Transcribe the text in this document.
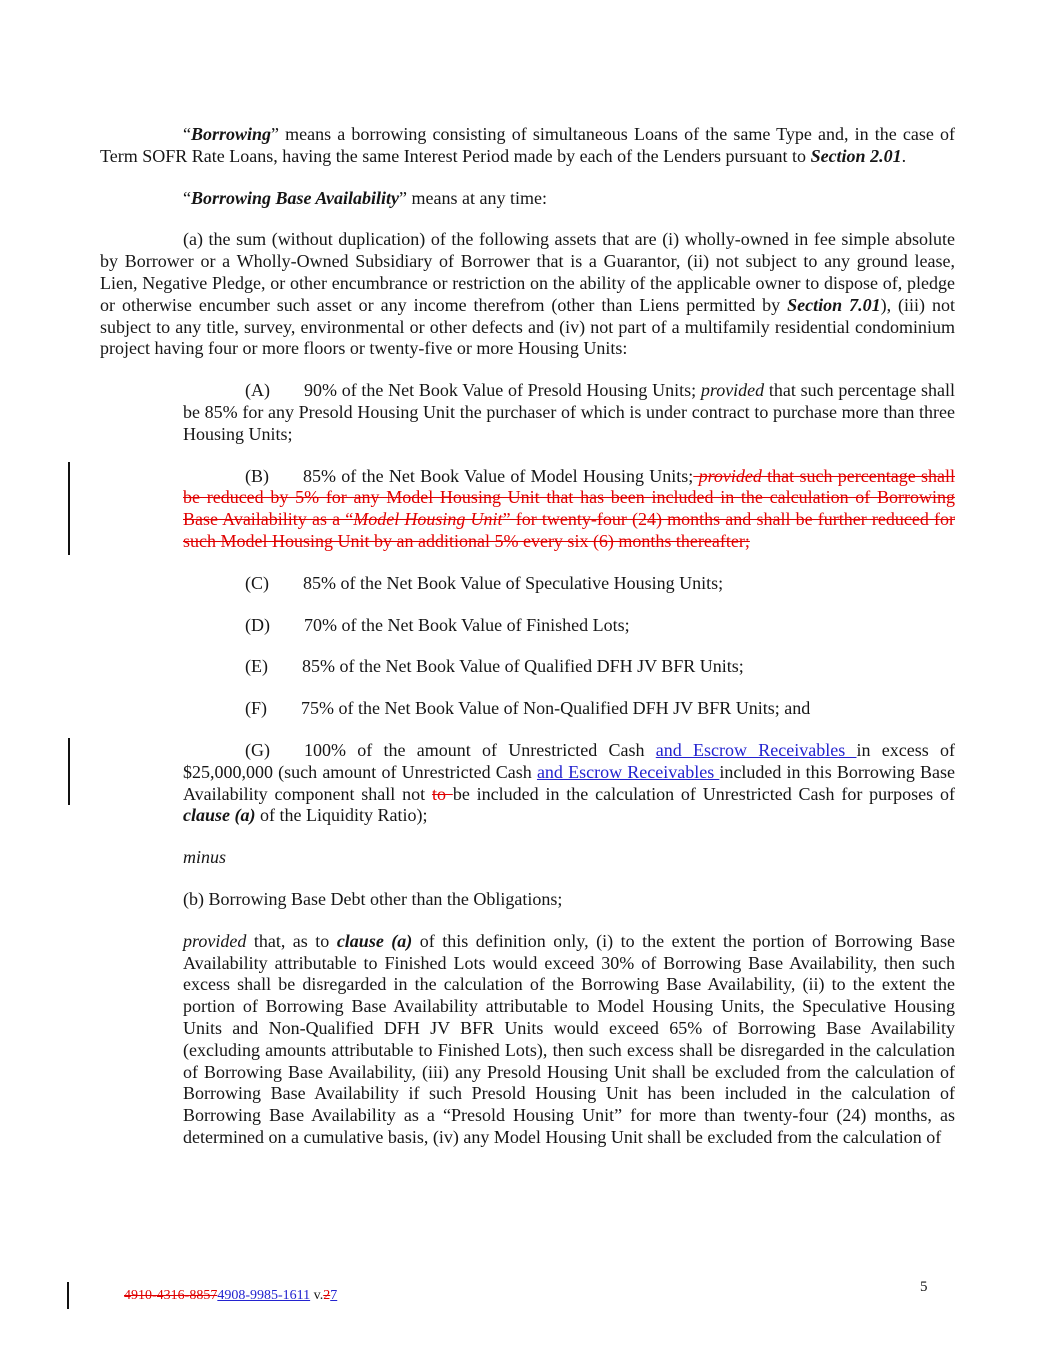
“Borrowing” means a borrowing consisting of simultaneous Loans of the same Type and, in the case of Term SOFR Rate Loans, having the same Interest Period made by each of the Lenders pursuant to Section 2.01.
“Borrowing Base Availability” means at any time:
(a) the sum (without duplication) of the following assets that are (i) wholly-owned in fee simple absolute by Borrower or a Wholly-Owned Subsidiary of Borrower that is a Guarantor, (ii) not subject to any ground lease, Lien, Negative Pledge, or other encumbrance or restriction on the ability of the applicable owner to dispose of, pledge or otherwise encumber such asset or any income therefrom (other than Liens permitted by Section 7.01), (iii) not subject to any title, survey, environmental or other defects and (iv) not part of a multifamily residential condominium project having four or more floors or twenty-five or more Housing Units:
(A) 90% of the Net Book Value of Presold Housing Units; provided that such percentage shall be 85% for any Presold Housing Unit the purchaser of which is under contract to purchase more than three Housing Units;
(B) 85% of the Net Book Value of Model Housing Units; provided that such percentage shall be reduced by 5% for any Model Housing Unit that has been included in the calculation of Borrowing Base Availability as a “Model Housing Unit” for twenty-four (24) months and shall be further reduced for such Model Housing Unit by an additional 5% every six (6) months thereafter;
(C) 85% of the Net Book Value of Speculative Housing Units;
(D) 70% of the Net Book Value of Finished Lots;
(E) 85% of the Net Book Value of Qualified DFH JV BFR Units;
(F) 75% of the Net Book Value of Non-Qualified DFH JV BFR Units; and
(G) 100% of the amount of Unrestricted Cash and Escrow Receivables in excess of $25,000,000 (such amount of Unrestricted Cash and Escrow Receivables included in this Borrowing Base Availability component shall not to be included in the calculation of Unrestricted Cash for purposes of clause (a) of the Liquidity Ratio);
minus
(b) Borrowing Base Debt other than the Obligations;
provided that, as to clause (a) of this definition only, (i) to the extent the portion of Borrowing Base Availability attributable to Finished Lots would exceed 30% of Borrowing Base Availability, then such excess shall be disregarded in the calculation of the Borrowing Base Availability, (ii) to the extent the portion of Borrowing Base Availability attributable to Model Housing Units, the Speculative Housing Units and Non-Qualified DFH JV BFR Units would exceed 65% of Borrowing Base Availability (excluding amounts attributable to Finished Lots), then such excess shall be disregarded in the calculation of Borrowing Base Availability, (iii) any Presold Housing Unit shall be excluded from the calculation of Borrowing Base Availability if such Presold Housing Unit has been included in the calculation of Borrowing Base Availability as a “Presold Housing Unit” for more than twenty-four (24) months, as determined on a cumulative basis, (iv) any Model Housing Unit shall be excluded from the calculation of
4910-4316-88574908-9985-1611 v.27
5
